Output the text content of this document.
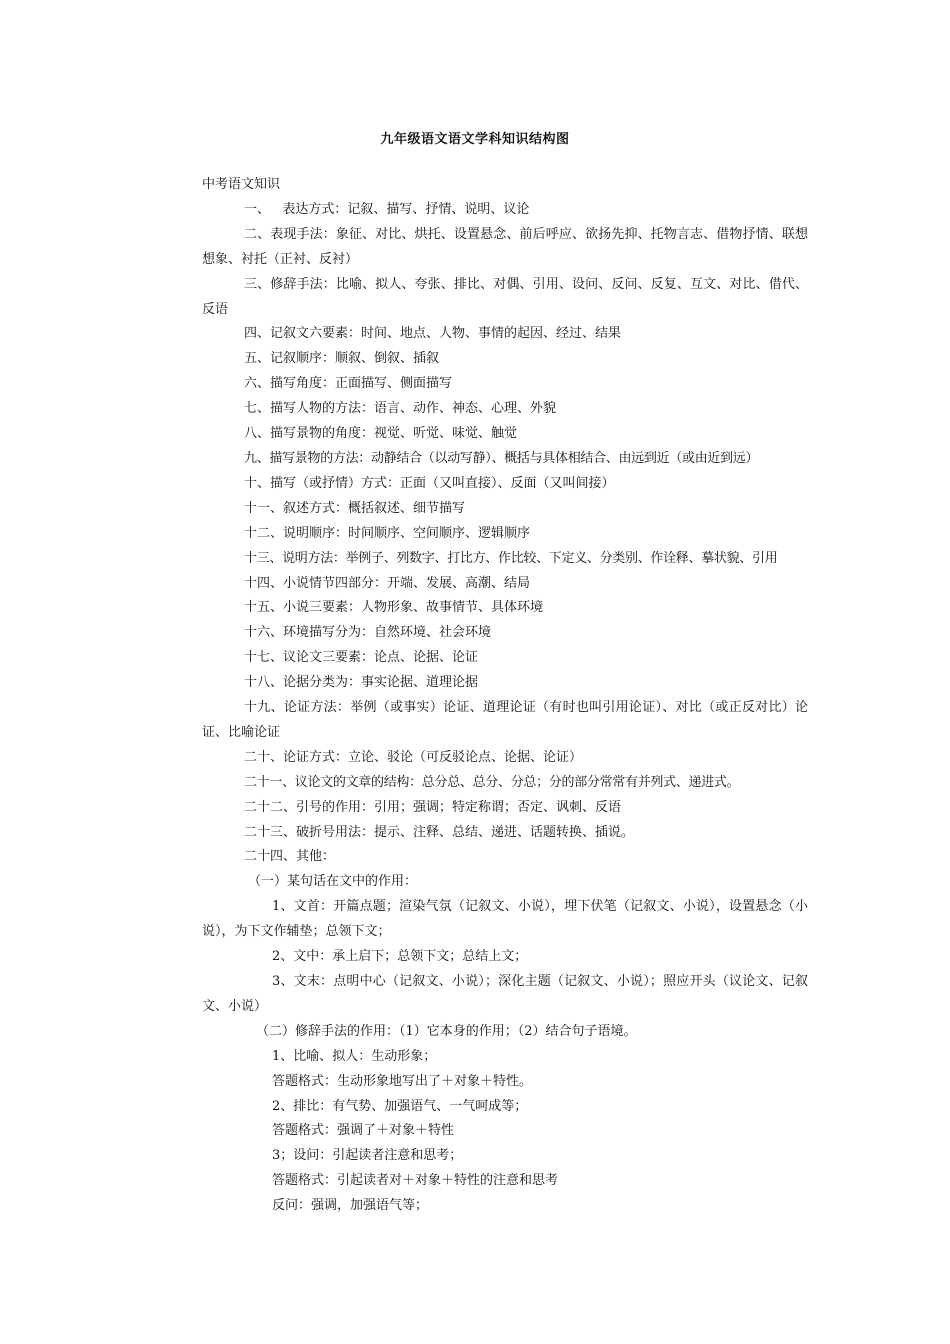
九年级语文语文学科知识结构图

中考语文知识

一、   表达方式：记叙、描写、抒情、说明、议论

二、表现手法：象征、对比、烘托、设置悬念、前后呼应、欲扬先抑、托物言志、借物抒情、联想想象、衬托（正衬、反衬）

三、修辞手法：比喻、拟人、夸张、排比、对偶、引用、设问、反问、反复、互文、对比、借代、反语

四、记叙文六要素：时间、地点、人物、事情的起因、经过、结果

五、记叙顺序：顺叙、倒叙、插叙

六、描写角度：正面描写、侧面描写

七、描写人物的方法：语言、动作、神态、心理、外貌

八、描写景物的角度：视觉、听觉、味觉、触觉

九、描写景物的方法：动静结合（以动写静）、概括与具体相结合、由远到近（或由近到远）

十、描写（或抒情）方式：正面（又叫直接）、反面（又叫间接）

十一、叙述方式：概括叙述、细节描写

十二、说明顺序：时间顺序、空间顺序、逻辑顺序

十三、说明方法：举例子、列数字、打比方、作比较、下定义、分类别、作诠释、摹状貌、引用

十四、小说情节四部分：开端、发展、高潮、结局

十五、小说三要素：人物形象、故事情节、具体环境

十六、环境描写分为：自然环境、社会环境

十七、议论文三要素：论点、论据、论证

十八、论据分类为：事实论据、道理论据

十九、论证方法：举例（或事实）论证、道理论证（有时也叫引用论证）、对比（或正反对比）论证、比喻论证

二十、论证方式：立论、驳论（可反驳论点、论据、论证）

二十一、议论文的文章的结构：总分总、总分、分总；分的部分常常有并列式、递进式。

二十二、引号的作用：引用；强调；特定称谓；否定、讽刺、反语

二十三、破折号用法：提示、注释、总结、递进、话题转换、插说。

二十四、其他：

（一）某句话在文中的作用：

1、文首：开篇点题；渲染气氛（记叙文、小说），埋下伏笔（记叙文、小说），设置悬念（小说），为下文作辅垫；总领下文；

2、文中：承上启下；总领下文；总结上文；

3、文末：点明中心（记叙文、小说）；深化主题（记叙文、小说）；照应开头（议论文、记叙文、小说）

（二）修辞手法的作用：（1）它本身的作用；（2）结合句子语境。

1、比喻、拟人：生动形象；

答题格式：生动形象地写出了＋对象＋特性。

2、排比：有气势、加强语气、一气呵成等；

答题格式：强调了＋对象＋特性

3；设问：引起读者注意和思考；

答题格式：引起读者对＋对象＋特性的注意和思考

反问：强调，加强语气等；
